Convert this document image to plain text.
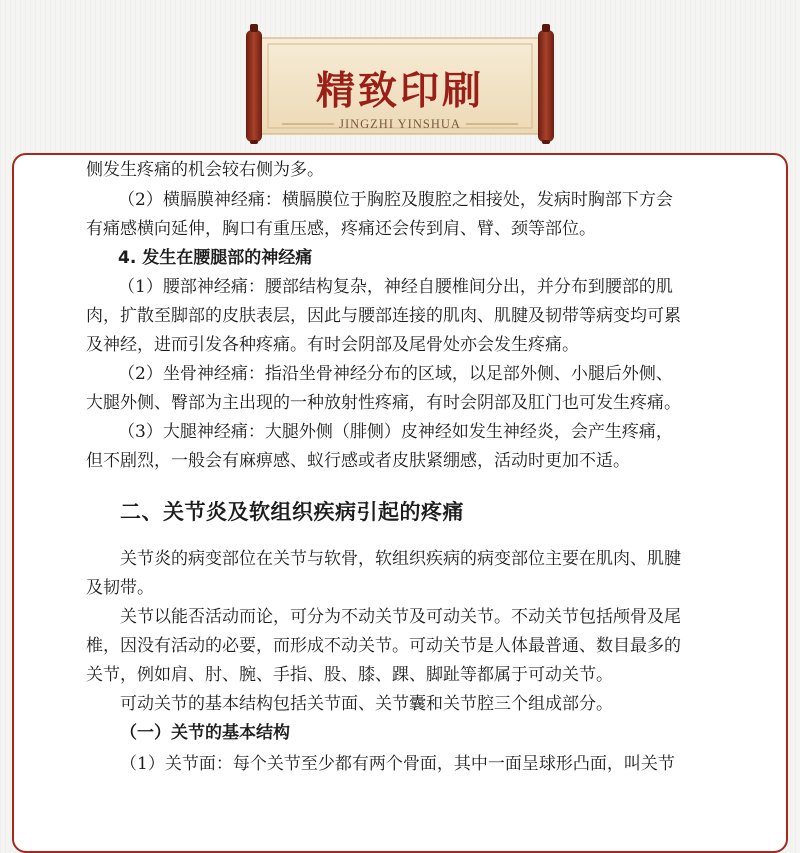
精致印刷
JINGZHI YINSHUA
侧发生疼痛的机会较右侧为多。
（2）横膈膜神经痛：横膈膜位于胸腔及腹腔之相接处，发病时胸部下方会
有痛感横向延伸，胸口有重压感，疼痛还会传到肩、臂、颈等部位。
4. 发生在腰腿部的神经痛
（1）腰部神经痛：腰部结构复杂，神经自腰椎间分出，并分布到腰部的肌
肉，扩散至脚部的皮肤表层，因此与腰部连接的肌肉、肌腱及韧带等病变均可累
及神经，进而引发各种疼痛。有时会阴部及尾骨处亦会发生疼痛。
（2）坐骨神经痛：指沿坐骨神经分布的区域，以足部外侧、小腿后外侧、
大腿外侧、臀部为主出现的一种放射性疼痛，有时会阴部及肛门也可发生疼痛。
（3）大腿神经痛：大腿外侧（腓侧）皮神经如发生神经炎，会产生疼痛，
但不剧烈，一般会有麻痹感、蚁行感或者皮肤紧绷感，活动时更加不适。
二、关节炎及软组织疾病引起的疼痛
关节炎的病变部位在关节与软骨，软组织疾病的病变部位主要在肌肉、肌腱
及韧带。
关节以能否活动而论，可分为不动关节及可动关节。不动关节包括颅骨及尾
椎，因没有活动的必要，而形成不动关节。可动关节是人体最普通、数目最多的
关节，例如肩、肘、腕、手指、股、膝、踝、脚趾等都属于可动关节。
可动关节的基本结构包括关节面、关节囊和关节腔三个组成部分。
（一）关节的基本结构
（1）关节面：每个关节至少都有两个骨面，其中一面呈球形凸面，叫关节
